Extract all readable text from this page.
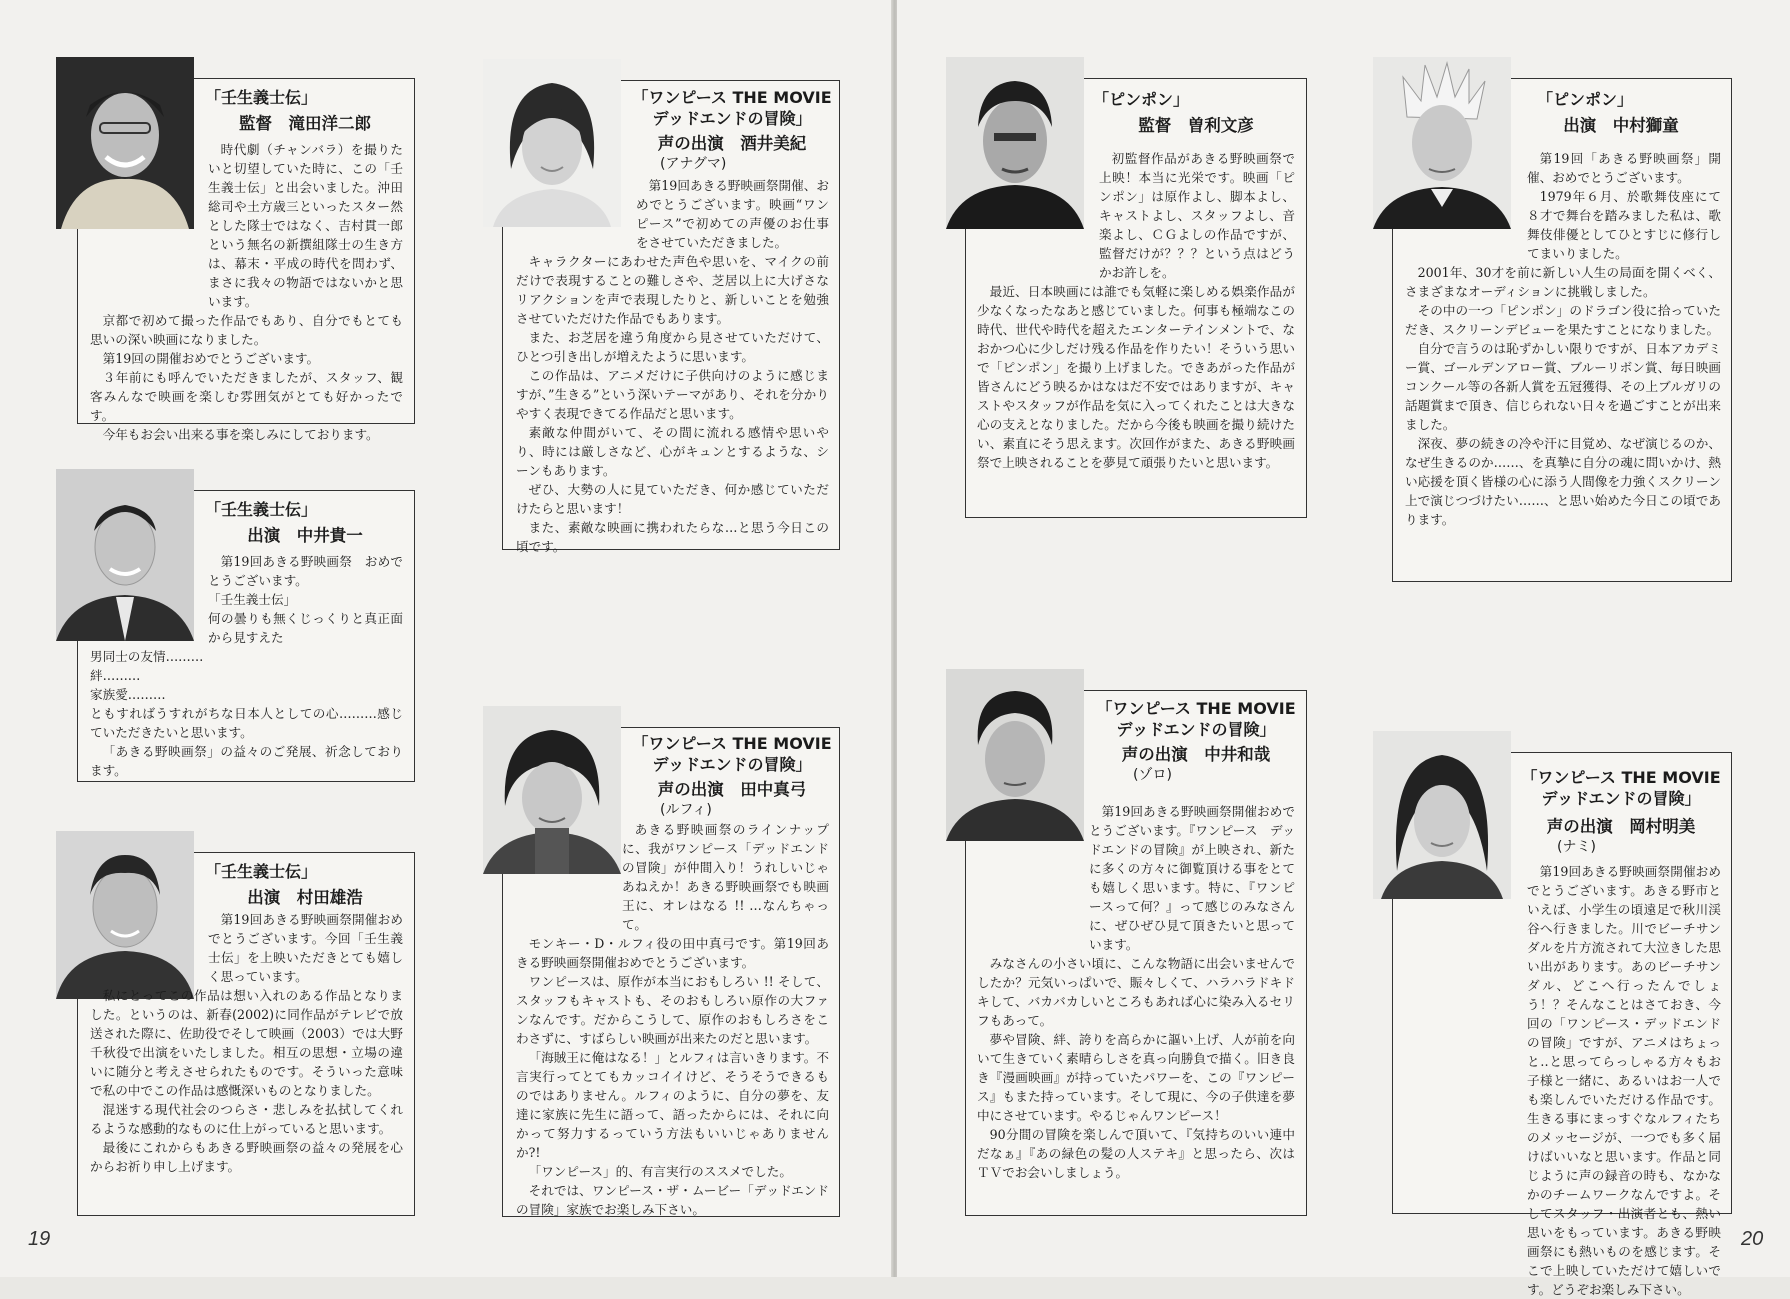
「壬生義士伝」
監督　滝田洋二郎

時代劇（チャンバラ）を撮りたいと切望していた時に、この「壬生義士伝」と出会いました。沖田総司や土方歳三といったスター然とした隊士ではなく、吉村貫一郎という無名の新撰組隊士の生き方は、幕末・平成の時代を問わず、まさに我々の物語ではないかと思います。

京都で初めて撮った作品でもあり、自分でもとても思いの深い映画になりました。

第19回の開催おめでとうございます。

３年前にも呼んでいただきましたが、スタッフ、観客みんなで映画を楽しむ雰囲気がとても好かったです。

今年もお会い出来る事を楽しみにしております。

「壬生義士伝」
出演　中井貴一

第19回あきる野映画祭　おめでとうございます。

「壬生義士伝」

何の曇りも無くじっくりと真正面から見すえた

男同士の友情………

絆………

家族愛………

ともすればうすれがちな日本人としての心………感じていただきたいと思います。

「あきる野映画祭」の益々のご発展、祈念しております。

「壬生義士伝」
出演　村田雄浩

第19回あきる野映画祭開催おめでとうございます。今回「壬生義士伝」を上映いただきとても嬉しく思っています。

私にとってこの作品は想い入れのある作品となりました。というのは、新春(2002)に同作品がテレビで放送された際に、佐助役でそして映画（2003）では大野千秋役で出演をいたしました。相互の思想・立場の違いに随分と考えさせられたものです。そういった意味で私の中でこの作品は感慨深いものとなりました。

混迷する現代社会のつらさ・悲しみを払拭してくれるような感動的なものに仕上がっていると思います。

最後にこれからもあきる野映画祭の益々の発展を心からお祈り申し上げます。

「ワンピース THE MOVIE デッドエンドの冒険」
声の出演　酒井美紀
(アナグマ)

第19回あきる野映画祭開催、おめでとうございます。映画“ワンピース”で初めての声優のお仕事をさせていただきました。

キャラクターにあわせた声色や思いを、マイクの前だけで表現することの難しさや、芝居以上に大げさなリアクションを声で表現したりと、新しいことを勉強させていただけた作品でもあります。

また、お芝居を違う角度から見させていただけて、ひとつ引き出しが増えたように思います。

この作品は、アニメだけに子供向けのように感じますが、”生きる”という深いテーマがあり、それを分かりやすく表現できてる作品だと思います。

素敵な仲間がいて、その間に流れる感情や思いやり、時には厳しさなど、心がキュンとするような、シーンもあります。

ぜひ、大勢の人に見ていただき、何か感じていただけたらと思います！

また、素敵な映画に携われたらな…と思う今日この頃です。

「ワンピース THE MOVIE デッドエンドの冒険」
声の出演　田中真弓
(ルフィ)

あきる野映画祭のラインナップに、我がワンピース「デッドエンドの冒険」が仲間入り！うれしいじゃあねえか！あきる野映画祭でも映画王に、オレはなる !! …なんちゃって。

モンキー・D・ルフィ役の田中真弓です。第19回あきる野映画祭開催おめでとうございます。

ワンピースは、原作が本当におもしろい !! そして、スタッフもキャストも、そのおもしろい原作の大ファンなんです。だからこうして、原作のおもしろさをこわさずに、すばらしい映画が出来たのだと思います。

「海賊王に俺はなる！」とルフィは言いきります。不言実行ってとてもカッコイイけど、そうそうできるものではありません。ルフィのように、自分の夢を、友達に家族に先生に語って、語ったからには、それに向かって努力するっていう方法もいいじゃありませんか?!

「ワンピース」的、有言実行のススメでした。

それでは、ワンピース・ザ・ムービー「デッドエンドの冒険」家族でお楽しみ下さい。

19
「ピンポン」
監督　曽利文彦

初監督作品があきる野映画祭で上映！本当に光栄です。映画「ピンポン」は原作よし、脚本よし、キャストよし、スタッフよし、音楽よし、ＣＧよしの作品ですが、監督だけが？？？という点はどうかお許しを。

最近、日本映画には誰でも気軽に楽しめる娯楽作品が少なくなったなあと感じていました。何事も極端なこの時代、世代や時代を超えたエンターテインメントで、なおかつ心に少しだけ残る作品を作りたい！そういう思いで「ピンポン」を撮り上げました。できあがった作品が皆さんにどう映るかはなはだ不安ではありますが、キャストやスタッフが作品を気に入ってくれたことは大きな心の支えとなりました。だから今後も映画を撮り続けたい、素直にそう思えます。次回作がまた、あきる野映画祭で上映されることを夢見て頑張りたいと思います。

「ピンポン」
出演　中村獅童

第19回「あきる野映画祭」開催、おめでとうございます。

1979年６月、於歌舞伎座にて８才で舞台を踏みました私は、歌舞伎俳優としてひとすじに修行してまいりました。

2001年、30才を前に新しい人生の局面を開くべく、さまざまなオーディションに挑戦しました。

その中の一つ「ピンポン」のドラゴン役に拾っていただき、スクリーンデビューを果たすことになりました。

自分で言うのは恥ずかしい限りですが、日本アカデミー賞、ゴールデンアロー賞、ブルーリボン賞、毎日映画コンクール等の各新人賞を五冠獲得、その上ブルガリの話題賞まで頂き、信じられない日々を過ごすことが出来ました。

深夜、夢の続きの冷や汗に目覚め、なぜ演じるのか、なぜ生きるのか……、を真摯に自分の魂に問いかけ、熱い応援を頂く皆様の心に添う人間像を力強くスクリーン上で演じつづけたい……、と思い始めた今日この頃であります。

「ワンピース THE MOVIE デッドエンドの冒険」
声の出演　中井和哉
(ゾロ)

第19回あきる野映画祭開催おめでとうございます。『ワンピース　デッドエンドの冒険』が上映され、新たに多くの方々に御覧頂ける事をとても嬉しく思います。特に、『ワンピースって何？』って感じのみなさんに、ぜひぜひ見て頂きたいと思っています。

みなさんの小さい頃に、こんな物語に出会いませんでしたか？元気いっぱいで、賑々しくて、ハラハラドキドキして、バカバカしいところもあれば心に染み入るセリフもあって。

夢や冒険、絆、誇りを高らかに謳い上げ、人が前を向いて生きていく素晴らしさを真っ向勝負で描く。旧き良き『漫画映画』が持っていたパワーを、この『ワンピース』もまた持っています。そして現に、今の子供達を夢中にさせています。やるじゃんワンピース！

90分間の冒険を楽しんで頂いて、『気持ちのいい連中だなぁ』『あの緑色の髪の人ステキ』と思ったら、次はＴＶでお会いしましょう。

「ワンピース THE MOVIE デッドエンドの冒険」
声の出演　岡村明美
(ナミ)

第19回あきる野映画祭開催おめでとうございます。あきる野市といえば、小学生の頃遠足で秋川渓谷へ行きました。川でビーチサンダルを片方流されて大泣きした思い出があります。あのビーチサンダル、どこへ行ったんでしょう！？そんなことはさておき、今回の「ワンピース・デッドエンドの冒険」ですが、アニメはちょっと‥と思ってらっしゃる方々もお子様と一緒に、あるいはお一人でも楽しんでいただける作品です。生きる事にまっすぐなルフィたちのメッセージが、一つでも多く届けばいいなと思います。作品と同じように声の録音の時も、なかなかのチームワークなんですよ。そしてスタッフ・出演者とも、熱い思いをもっています。あきる野映画祭にも熱いものを感じます。そこで上映していただけて嬉しいです。どうぞお楽しみ下さい。

20
